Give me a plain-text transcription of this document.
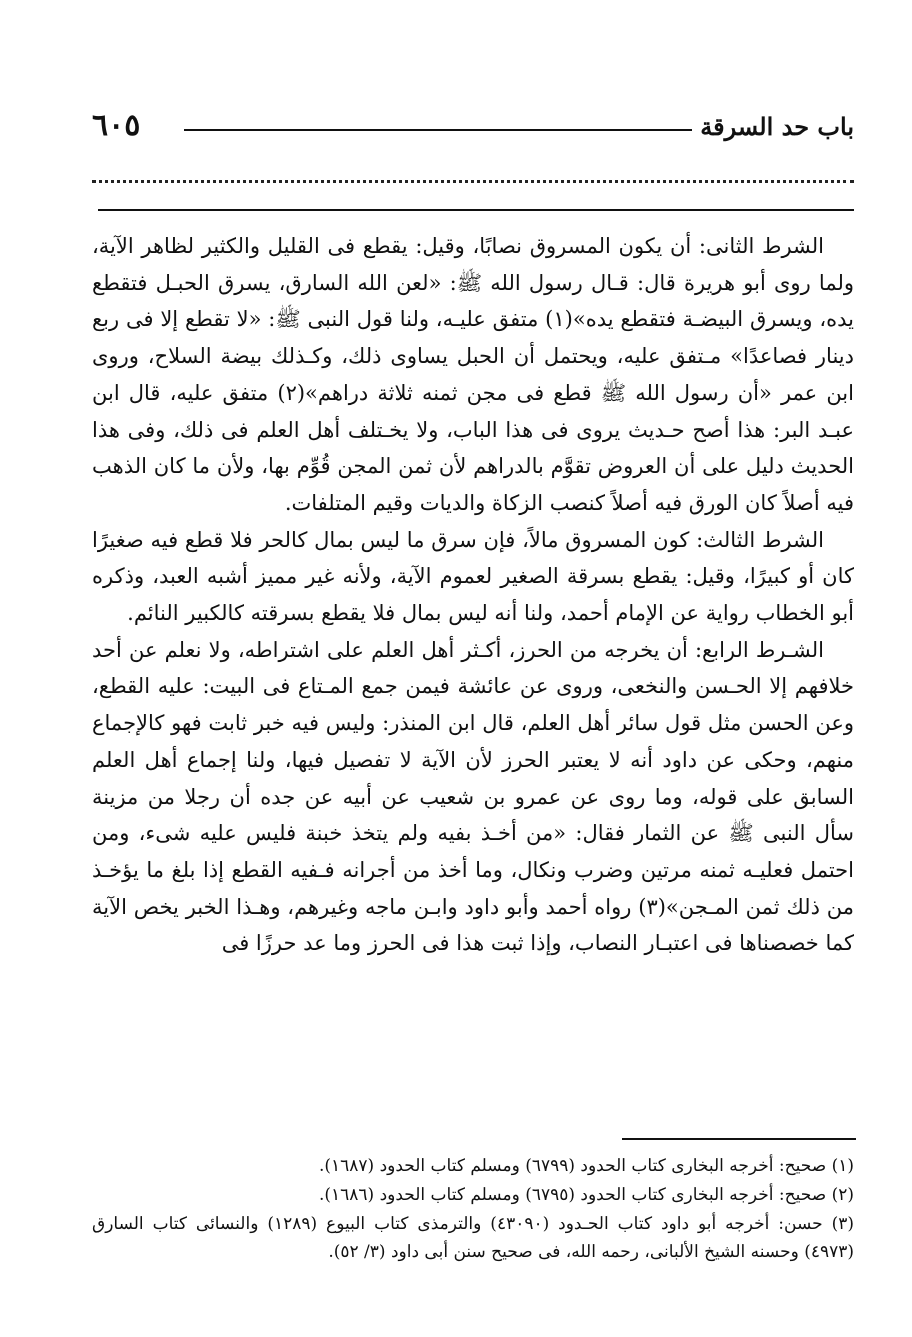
باب حد السرقة
٦٠٥

الشرط الثانى: أن يكون المسروق نصابًا، وقيل: يقطع فى القليل والكثير لظاهر الآية، ولما روى أبو هريرة قال: قـال رسول الله ﷺ: «لعن الله السارق، يسرق الحبـل فتقطع يده، ويسرق البيضـة فتقطع يده»(١) متفق عليـه، ولنا قول النبى ﷺ: «لا تقطع إلا فى ربع دينار فصاعدًا» مـتفق عليه، ويحتمل أن الحبل يساوى ذلك، وكـذلك بيضة السلاح، وروى ابن عمر «أن رسول الله ﷺ قطع فى مجن ثمنه ثلاثة دراهم»(٢) متفق عليه، قال ابن عبـد البر: هذا أصح حـديث يروى فى هذا الباب، ولا يخـتلف أهل العلم فى ذلك، وفى هذا الحديث دليل على أن العروض تقوَّم بالدراهم لأن ثمن المجن قُوِّم بها، ولأن ما كان الذهب فيه أصلاً كان الورق فيه أصلاً كنصب الزكاة والديات وقيم المتلفات.

الشرط الثالث: كون المسروق مالاً، فإن سرق ما ليس بمال كالحر فلا قطع فيه صغيرًا كان أو كبيرًا، وقيل: يقطع بسرقة الصغير لعموم الآية، ولأنه غير مميز أشبه العبد، وذكره أبو الخطاب رواية عن الإمام أحمد، ولنا أنه ليس بمال فلا يقطع بسرقته كالكبير النائم.

الشـرط الرابع: أن يخرجه من الحرز، أكـثر أهل العلم على اشتراطه، ولا نعلم عن أحد خلافهم إلا الحـسن والنخعى، وروى عن عائشة فيمن جمع المـتاع فى البيت: عليه القطع، وعن الحسن مثل قول سائر أهل العلم، قال ابن المنذر: وليس فيه خبر ثابت فهو كالإجماع منهم، وحكى عن داود أنه لا يعتبر الحرز لأن الآية لا تفصيل فيها، ولنا إجماع أهل العلم السابق على قوله، وما روى عن عمرو بن شعيب عن أبيه عن جده أن رجلا من مزينة سأل النبى ﷺ عن الثمار فقال: «من أخـذ بفيه ولم يتخذ خبنة فليس عليه شىء، ومن احتمل فعليـه ثمنه مرتين وضرب ونكال، وما أخذ من أجرانه فـفيه القطع إذا بلغ ما يؤخـذ من ذلك ثمن المـجن»(٣) رواه أحمد وأبو داود وابـن ماجه وغيرهم، وهـذا الخبر يخص الآية كما خصصناها فى اعتبـار النصاب، وإذا ثبت هذا فى الحرز وما عد حرزًا فى

(١) صحيح: أخرجه البخارى كتاب الحدود (٦٧٩٩) ومسلم كتاب الحدود (١٦٨٧).

(٢) صحيح: أخرجه البخارى كتاب الحدود (٦٧٩٥) ومسلم كتاب الحدود (١٦٨٦).

(٣) حسن: أخرجه أبو داود كتاب الحـدود (٤٣٠٩٠) والترمذى كتاب البيوع (١٢٨٩) والنسائى كتاب السارق (٤٩٧٣) وحسنه الشيخ الألبانى، رحمه الله، فى صحيح سنن أبى داود (٣/ ٥٢).
